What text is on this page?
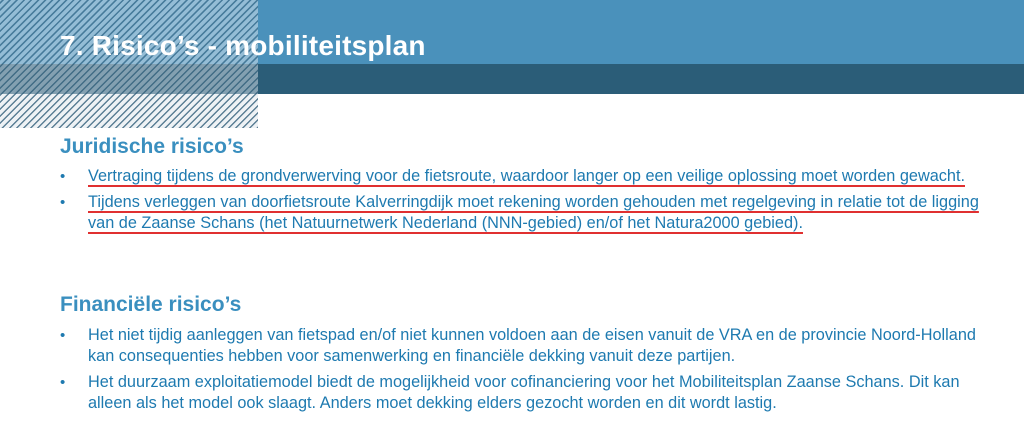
7. Risico’s - mobiliteitsplan
Juridische risico’s
• Vertraging tijdens de grondverwerving voor de fietsroute, waardoor langer op een veilige oplossing moet worden gewacht.
• Tijdens verleggen van doorfietsroute Kalverringdijk moet rekening worden gehouden met regelgeving in relatie tot de ligging van de Zaanse Schans (het Natuurnetwerk Nederland (NNN-gebied) en/of het Natura2000 gebied).
Financiële risico’s
• Het niet tijdig aanleggen van fietspad en/of niet kunnen voldoen aan de eisen vanuit de VRA en de provincie Noord-Holland kan consequenties hebben voor samenwerking en financiële dekking vanuit deze partijen.
• Het duurzaam exploitatiemodel biedt de mogelijkheid voor cofinanciering voor het Mobiliteitsplan Zaanse Schans. Dit kan alleen als het model ook slaagt. Anders moet dekking elders gezocht worden en dit wordt lastig.
